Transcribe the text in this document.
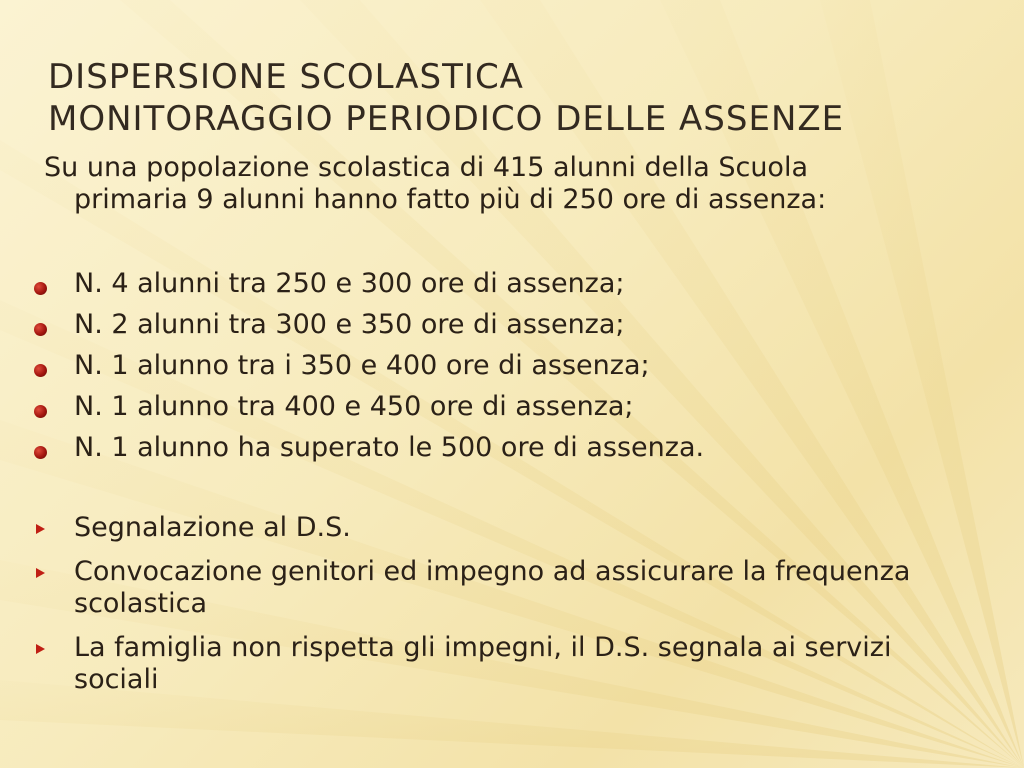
DISPERSIONE SCOLASTICA
MONITORAGGIO PERIODICO DELLE ASSENZE
Su una popolazione scolastica di 415 alunni della Scuola
primaria 9 alunni hanno fatto più di 250 ore di assenza:
N. 4 alunni tra 250 e 300 ore di assenza;
N. 2 alunni tra 300 e 350 ore di assenza;
N. 1 alunno tra i 350 e 400 ore di assenza;
N. 1 alunno tra 400 e 450 ore di assenza;
N. 1 alunno ha superato le 500 ore di assenza.
Segnalazione al D.S.
Convocazione genitori ed impegno ad assicurare la frequenza scolastica
La famiglia non rispetta gli impegni, il D.S. segnala ai servizi sociali
